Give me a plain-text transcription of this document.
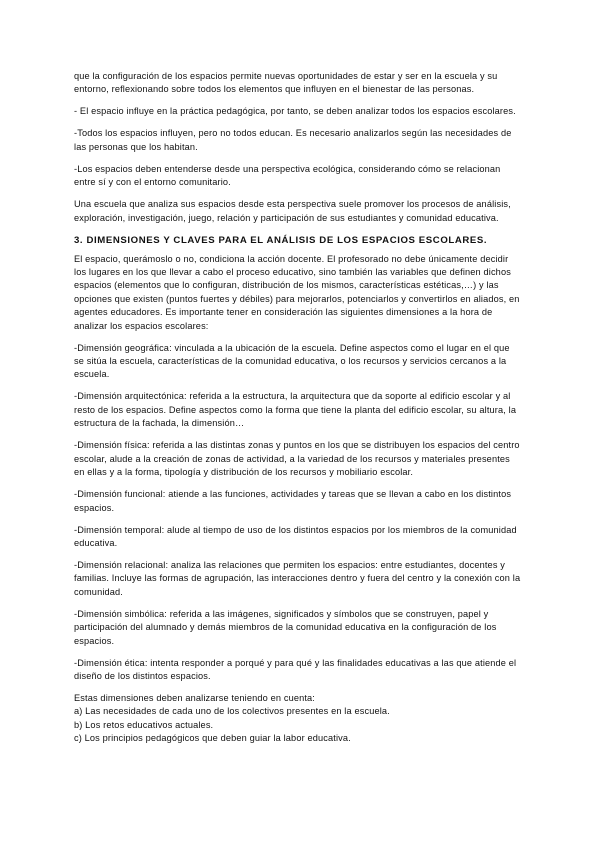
que la configuración de los espacios permite nuevas oportunidades de estar y ser en la escuela y su entorno, reflexionando sobre todos los elementos que influyen en el bienestar de las personas.

- El espacio influye en la práctica pedagógica, por tanto, se deben analizar todos los espacios escolares.

-Todos los espacios influyen, pero no todos educan. Es necesario analizarlos según las necesidades de las personas que los habitan.

-Los espacios deben entenderse desde una perspectiva ecológica, considerando cómo se relacionan entre sí y con el entorno comunitario.

Una escuela que analiza sus espacios desde esta perspectiva suele promover los procesos de análisis, exploración, investigación, juego, relación y participación de sus estudiantes y comunidad educativa.

3. DIMENSIONES Y CLAVES PARA EL ANÁLISIS DE LOS ESPACIOS ESCOLARES.

El espacio, querámoslo o no, condiciona la acción docente. El profesorado no debe únicamente decidir los lugares en los que llevar a cabo el proceso educativo, sino también las variables que definen dichos espacios (elementos que lo configuran, distribución de los mismos, características estéticas,…) y las opciones que existen (puntos fuertes y débiles) para mejorarlos, potenciarlos y convertirlos en aliados, en agentes educadores. Es importante tener en consideración las siguientes dimensiones a la hora de analizar los espacios escolares:

-Dimensión geográfica: vinculada a la ubicación de la escuela. Define aspectos como el lugar en el que se sitúa la escuela, características de la comunidad educativa, o los recursos y servicios cercanos a la escuela.

-Dimensión arquitectónica: referida a la estructura, la arquitectura que da soporte al edificio escolar y al resto de los espacios. Define aspectos como la forma que tiene la planta del edificio escolar, su altura, la estructura de la fachada, la dimensión…

-Dimensión física: referida a las distintas zonas y puntos en los que se distribuyen los espacios del centro escolar, alude a la creación de zonas de actividad, a la variedad de los recursos y materiales presentes en ellas y a la forma, tipología y distribución de los recursos y mobiliario escolar.

-Dimensión funcional: atiende a las funciones, actividades y tareas que se llevan a cabo en los distintos espacios.

-Dimensión temporal: alude al tiempo de uso de los distintos espacios por los miembros de la comunidad educativa.

-Dimensión relacional: analiza las relaciones que permiten los espacios: entre estudiantes, docentes y familias. Incluye las formas de agrupación, las interacciones dentro y fuera del centro y la conexión con la comunidad.

-Dimensión simbólica: referida a las imágenes, significados y símbolos que se construyen, papel y participación del alumnado y demás miembros de la comunidad educativa en la configuración de los espacios.

-Dimensión ética: intenta responder a porqué y para qué y las finalidades educativas a las que atiende el diseño de los distintos espacios.

Estas dimensiones deben analizarse teniendo en cuenta:
a) Las necesidades de cada uno de los colectivos presentes en la escuela.
b) Los retos educativos actuales.
c) Los principios pedagógicos que deben guiar la labor educativa.
